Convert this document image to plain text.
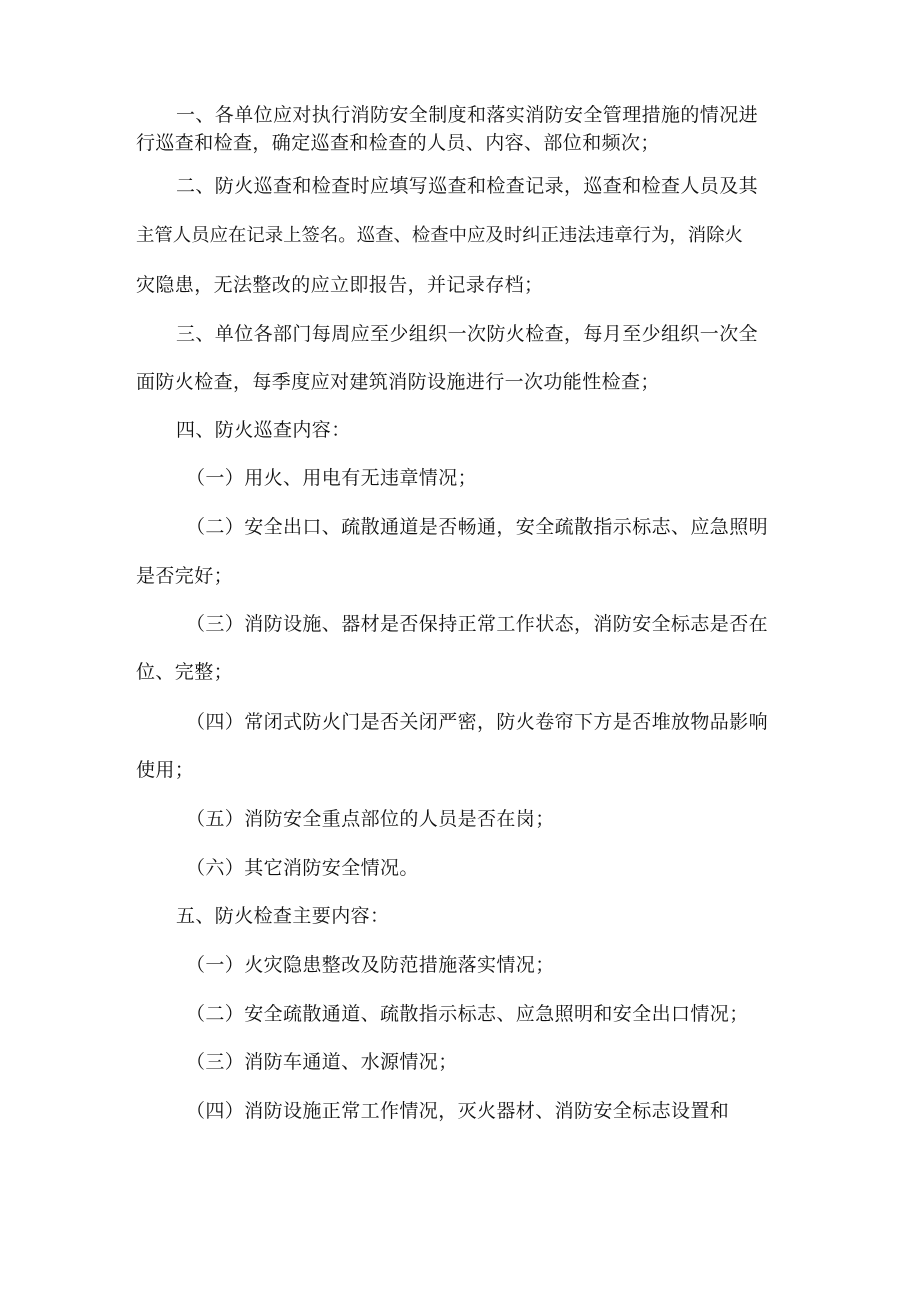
一、各单位应对执行消防安全制度和落实消防安全管理措施的情况进
行巡查和检查，确定巡查和检查的人员、内容、部位和频次；
二、防火巡查和检查时应填写巡查和检查记录，巡查和检查人员及其
主管人员应在记录上签名。巡查、检查中应及时纠正违法违章行为，消除火
灾隐患，无法整改的应立即报告，并记录存档；
三、单位各部门每周应至少组织一次防火检查，每月至少组织一次全
面防火检查，每季度应对建筑消防设施进行一次功能性检查；
四、防火巡查内容：
（一）用火、用电有无违章情况；
（二）安全出口、疏散通道是否畅通，安全疏散指示标志、应急照明
是否完好；
（三）消防设施、器材是否保持正常工作状态，消防安全标志是否在
位、完整；
（四）常闭式防火门是否关闭严密，防火卷帘下方是否堆放物品影响
使用；
（五）消防安全重点部位的人员是否在岗；
（六）其它消防安全情况。
五、防火检查主要内容：
（一）火灾隐患整改及防范措施落实情况；
（二）安全疏散通道、疏散指示标志、应急照明和安全出口情况；
（三）消防车通道、水源情况；
（四）消防设施正常工作情况，灭火器材、消防安全标志设置和
